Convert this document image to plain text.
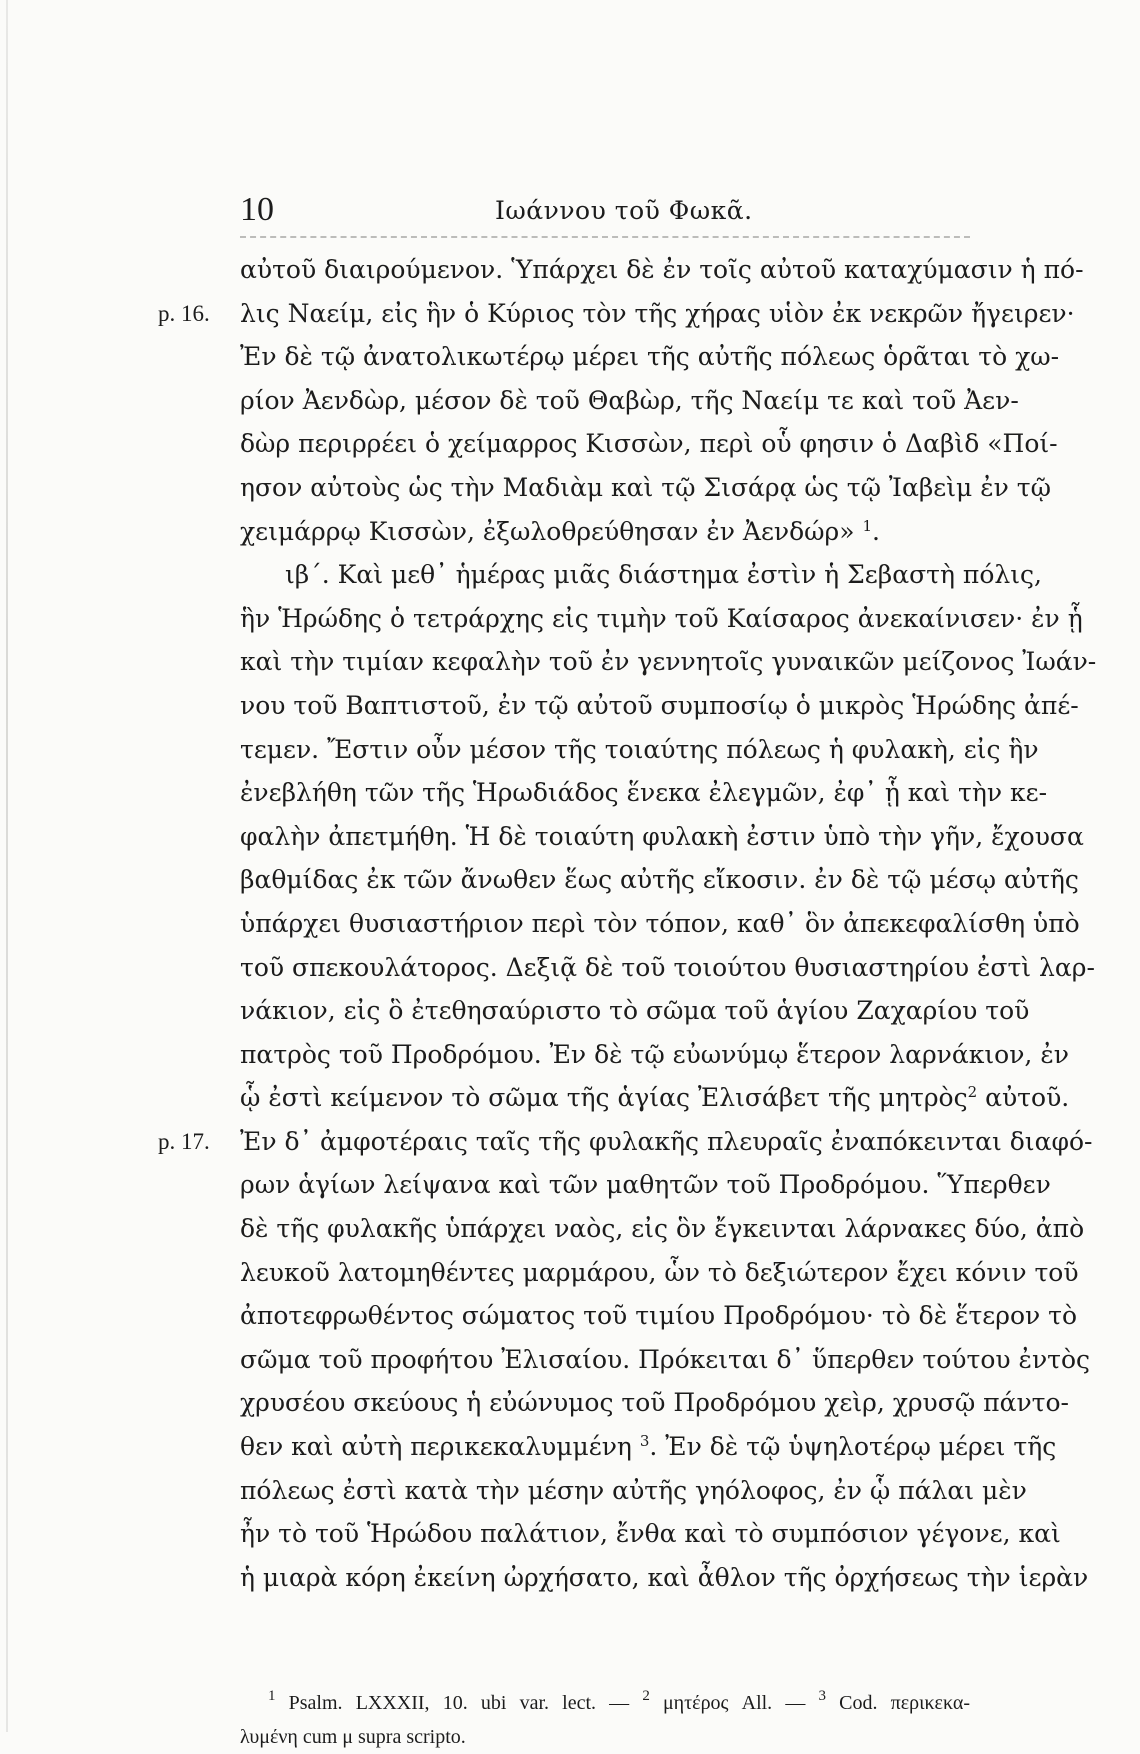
10	Ιωάννου τοῦ Φωκᾶ.
p. 16.
p. 17.
αὐτοῦ διαιρούμενον. Ὑπάρχει δὲ ἐν τοῖς αὐτοῦ καταχύμασιν ἡ πό-
λις Ναείμ, εἰς ἣν ὁ Κύριος τὸν τῆς χήρας υἱὸν ἐκ νεκρῶν ἤγειρεν·
Ἐν δὲ τῷ ἀνατολικωτέρῳ μέρει τῆς αὐτῆς πόλεως ὁρᾶται τὸ χω-
ρίον Ἀενδὼρ, μέσον δὲ τοῦ Θαβὼρ, τῆς Ναείμ τε καὶ τοῦ Ἀεν-
δὼρ περιρρέει ὁ χείμαρρος Κισσὼν, περὶ οὗ φησιν ὁ Δαβὶδ «Ποί-
ησον αὐτοὺς ὡς τὴν Μαδιὰμ καὶ τῷ Σισάρᾳ ὡς τῷ Ἰαβεὶμ ἐν τῷ
χειμάρρῳ Κισσὼν, ἐξωλοθρεύθησαν ἐν Ἀενδώρ» $^1$.
ιβ΄. Καὶ μεθ᾽ ἡμέρας μιᾶς διάστημα ἐστὶν ἡ Σεβαστὴ πόλις,
ἣν Ἡρώδης ὁ τετράρχης εἰς τιμὴν τοῦ Καίσαρος ἀνεκαίνισεν· ἐν ᾗ
καὶ τὴν τιμίαν κεφαλὴν τοῦ ἐν γεννητοῖς γυναικῶν μείζονος Ἰωάν-
νου τοῦ Βαπτιστοῦ, ἐν τῷ αὐτοῦ συμποσίῳ ὁ μικρὸς Ἡρώδης ἀπέ-
τεμεν. Ἔστιν οὖν μέσον τῆς τοιαύτης πόλεως ἡ φυλακὴ, εἰς ἣν
ἐνεβλήθη τῶν τῆς Ἡρωδιάδος ἕνεκα ἐλεγμῶν, ἐφ᾽ ᾗ καὶ τὴν κε-
φαλὴν ἀπετμήθη. Ἡ δὲ τοιαύτη φυλακὴ ἐστιν ὑπὸ τὴν γῆν, ἔχουσα
βαθμίδας ἐκ τῶν ἄνωθεν ἕως αὐτῆς εἴκοσιν. ἐν δὲ τῷ μέσῳ αὐτῆς
ὑπάρχει θυσιαστήριον περὶ τὸν τόπον, καθ᾽ ὃν ἀπεκεφαλίσθη ὑπὸ
τοῦ σπεκουλάτορος. Δεξιᾷ δὲ τοῦ τοιούτου θυσιαστηρίου ἐστὶ λαρ-
νάκιον, εἰς ὃ ἐτεθησαύριστο τὸ σῶμα τοῦ ἁγίου Ζαχαρίου τοῦ
πατρὸς τοῦ Προδρόμου. Ἐν δὲ τῷ εὐωνύμῳ ἕτερον λαρνάκιον, ἐν
ᾧ ἐστὶ κείμενον τὸ σῶμα τῆς ἁγίας Ἐλισάβετ τῆς μητρὸς$^2$ αὐτοῦ.
Ἐν δ᾽ ἀμφοτέραις ταῖς τῆς φυλακῆς πλευραῖς ἐναπόκεινται διαφό-
ρων ἁγίων λείψανα καὶ τῶν μαθητῶν τοῦ Προδρόμου. Ὕπερθεν
δὲ τῆς φυλακῆς ὑπάρχει ναὸς, εἰς ὃν ἔγκεινται λάρνακες δύο, ἀπὸ
λευκοῦ λατομηθέντες μαρμάρου, ὧν τὸ δεξιώτερον ἔχει κόνιν τοῦ
ἀποτεφρωθέντος σώματος τοῦ τιμίου Προδρόμου· τὸ δὲ ἕτερον τὸ
σῶμα τοῦ προφήτου Ἐλισαίου. Πρόκειται δ᾽ ὕπερθεν τούτου ἐντὸς
χρυσέου σκεύους ἡ εὐώνυμος τοῦ Προδρόμου χεὶρ, χρυσῷ πάντο-
θεν καὶ αὐτὴ περικεκαλυμμένη $^3$. Ἐν δὲ τῷ ὑψηλοτέρῳ μέρει τῆς
πόλεως ἐστὶ κατὰ τὴν μέσην αὐτῆς γηόλοφος, ἐν ᾧ πάλαι μὲν
ἦν τὸ τοῦ Ἡρώδου παλάτιον, ἔνθα καὶ τὸ συμπόσιον γέγονε, καὶ
ἡ μιαρὰ κόρη ἐκείνη ὠρχήσατο, καὶ ἆθλον τῆς ὀρχήσεως τὴν ἱερὰν
$^1$ Psalm. LXXXII, 10. ubi var. lect. — $^2$ μητέρος All. — $^3$ Cod. περικεκα-
λυμένη cum μ supra scripto.
